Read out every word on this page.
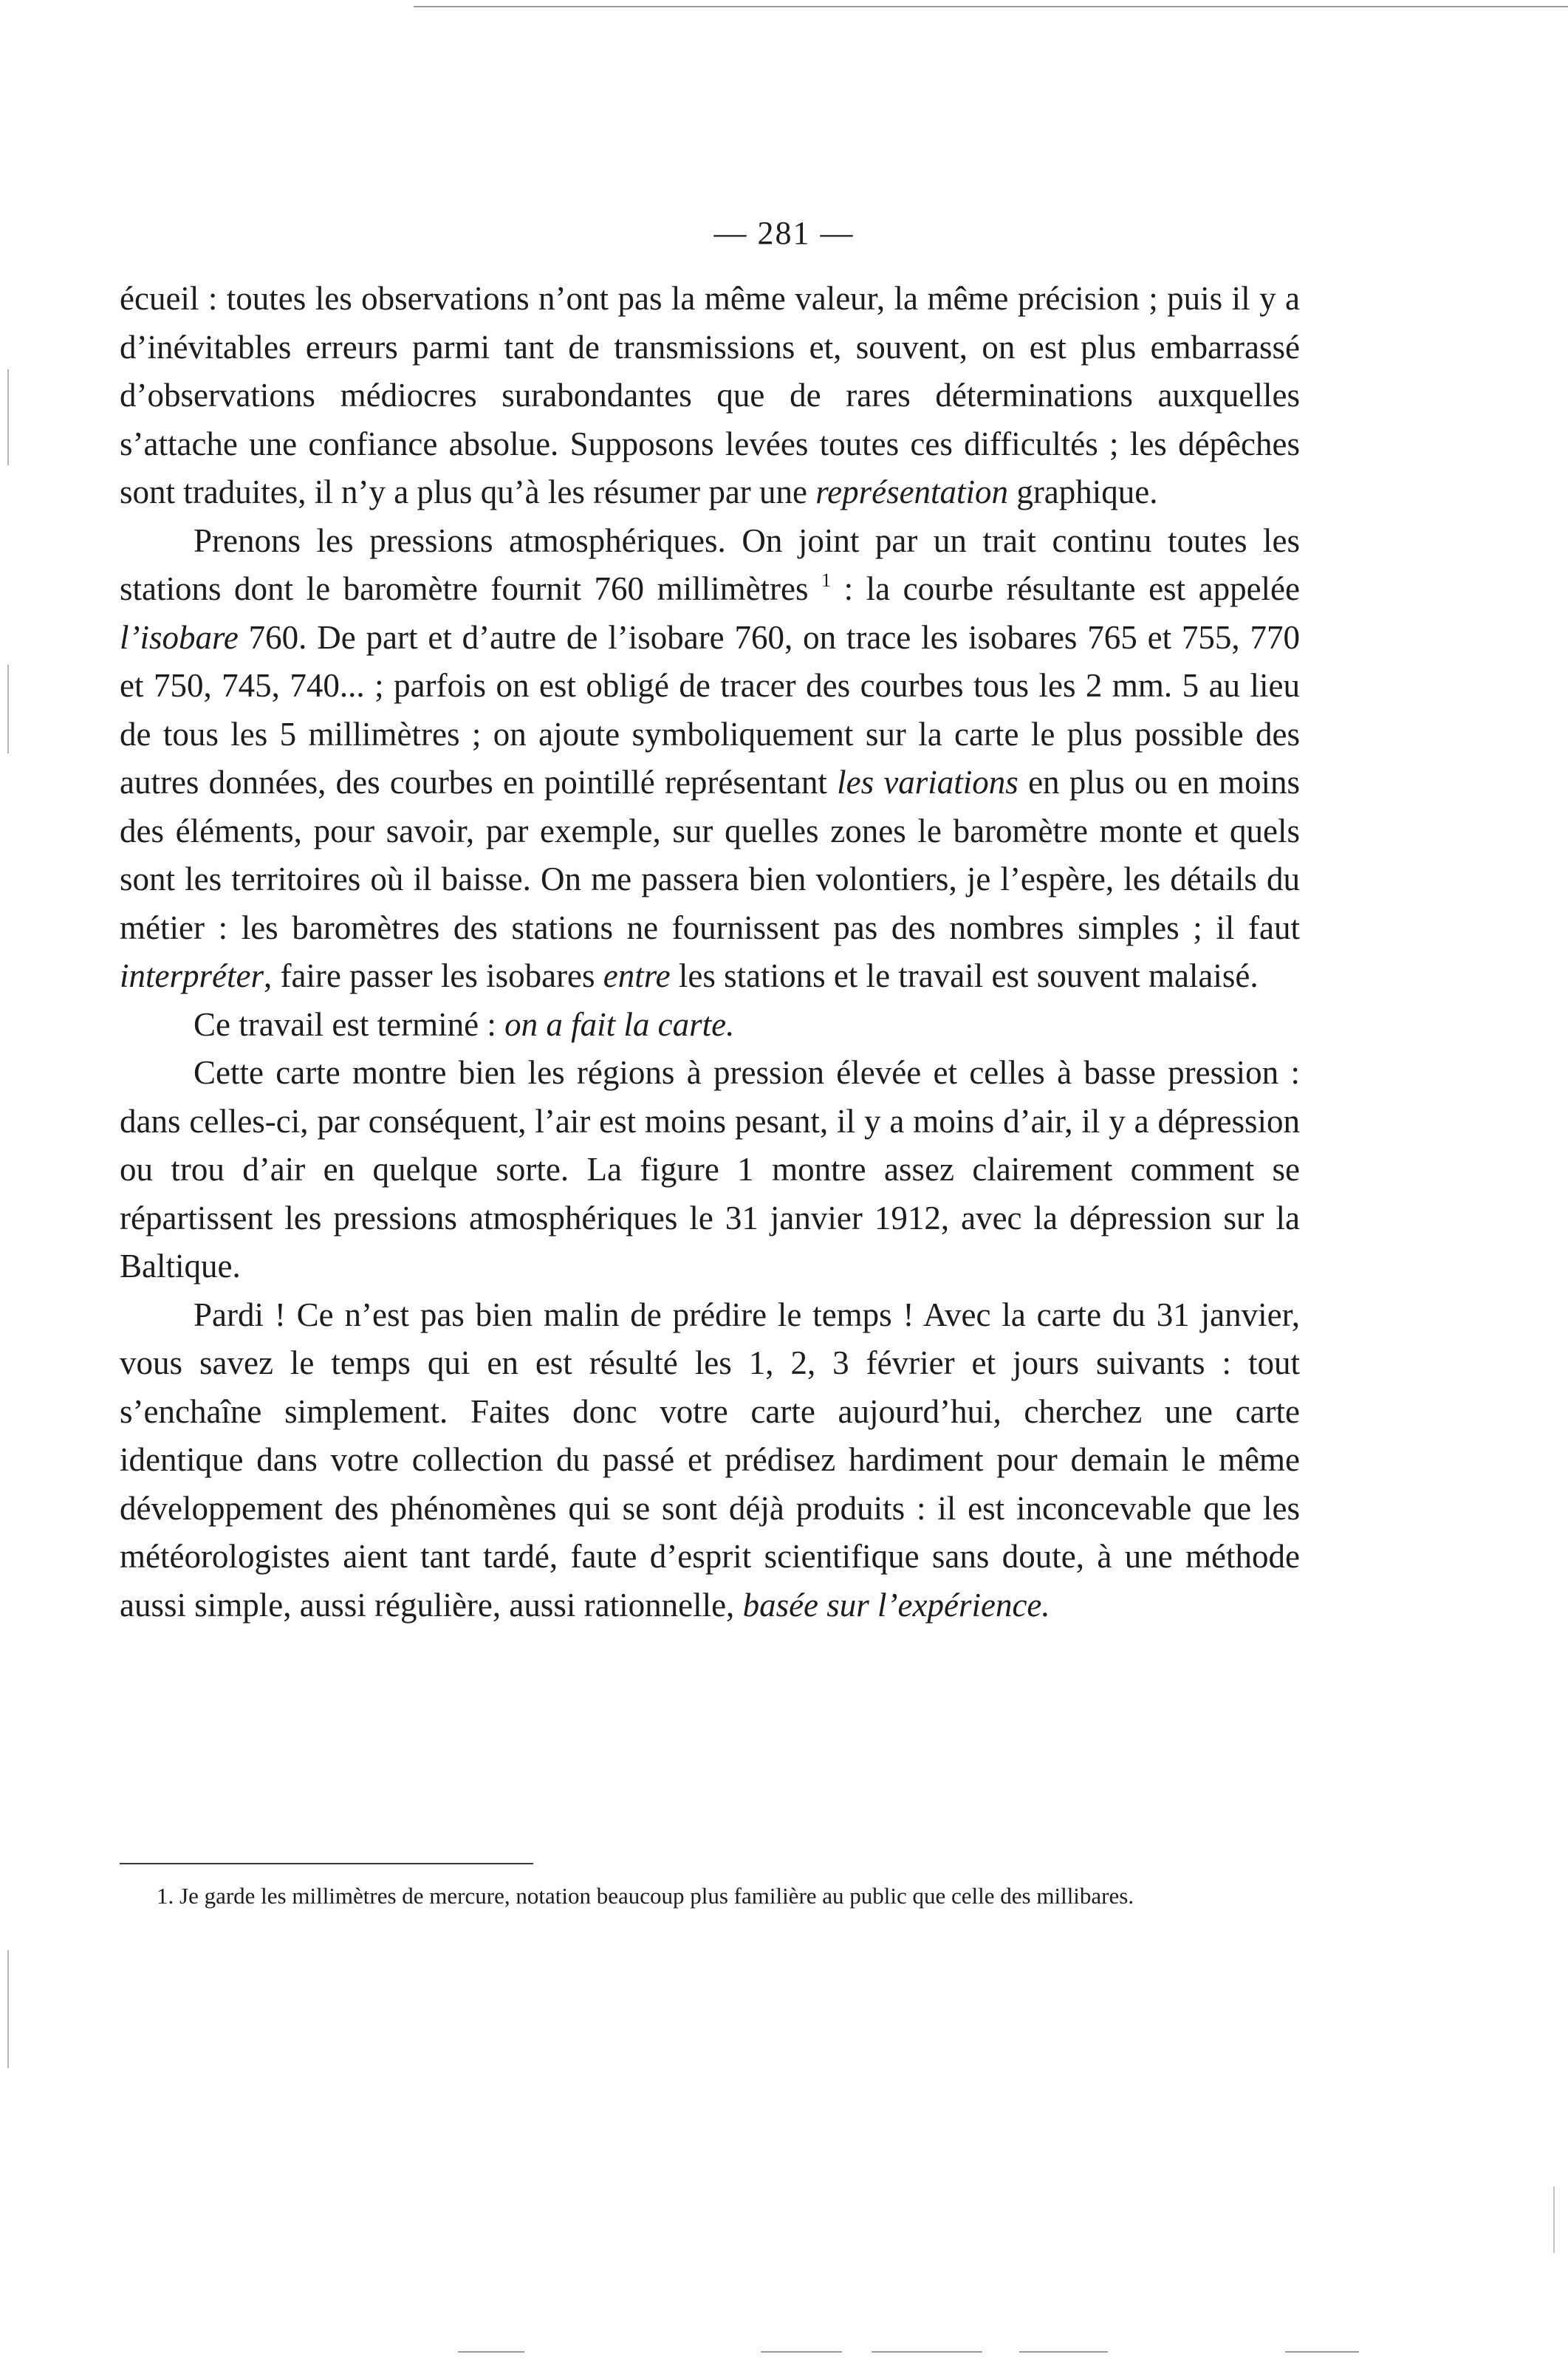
— 281 —

écueil : toutes les observations n’ont pas la même valeur, la même précision ; puis il y a d’inévitables erreurs parmi tant de transmissions et, souvent, on est plus embarrassé d’observations médiocres surabondantes que de rares déterminations auxquelles s’attache une confiance absolue. Supposons levées toutes ces difficultés ; les dépêches sont traduites, il n’y a plus qu’à les résumer par une représentation graphique.

Prenons les pressions atmosphériques. On joint par un trait continu toutes les stations dont le baromètre fournit 760 millimètres $^1$ : la courbe résultante est appelée l’isobare 760. De part et d’autre de l’isobare 760, on trace les isobares 765 et 755, 770 et 750, 745, 740... ; parfois on est obligé de tracer des courbes tous les 2 mm. 5 au lieu de tous les 5 millimètres ; on ajoute symboliquement sur la carte le plus possible des autres données, des courbes en pointillé représentant les variations en plus ou en moins des éléments, pour savoir, par exemple, sur quelles zones le baromètre monte et quels sont les territoires où il baisse. On me passera bien volontiers, je l’espère, les détails du métier : les baromètres des stations ne fournissent pas des nombres simples ; il faut interpréter, faire passer les isobares entre les stations et le travail est souvent malaisé.

Ce travail est terminé : on a fait la carte.

Cette carte montre bien les régions à pression élevée et celles à basse pression : dans celles-ci, par conséquent, l’air est moins pesant, il y a moins d’air, il y a dépression ou trou d’air en quelque sorte. La figure 1 montre assez clairement comment se répartissent les pressions atmosphériques le 31 janvier 1912, avec la dépression sur la Baltique.

Pardi ! Ce n’est pas bien malin de prédire le temps ! Avec la carte du 31 janvier, vous savez le temps qui en est résulté les 1, 2, 3 février et jours suivants : tout s’enchaîne simplement. Faites donc votre carte aujourd’hui, cherchez une carte identique dans votre collection du passé et prédisez hardiment pour demain le même développement des phénomènes qui se sont déjà produits : il est inconcevable que les météorologistes aient tant tardé, faute d’esprit scientifique sans doute, à une méthode aussi simple, aussi régulière, aussi rationnelle, basée sur l’expérience.

1. Je garde les millimètres de mercure, notation beaucoup plus familière au public que celle des millibares.
